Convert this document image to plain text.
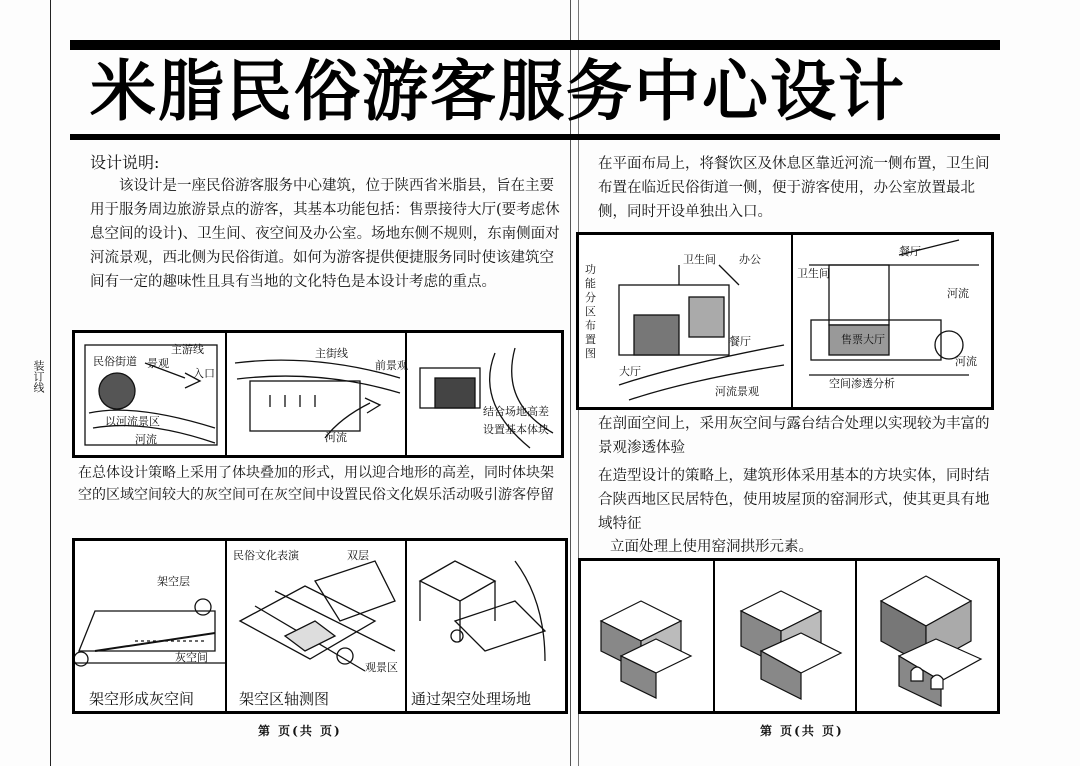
装订线
米脂民俗游客服务中心设计

设计说明:

该设计是一座民俗游客服务中心建筑，位于陕西省米脂县，旨在主要用于服务周边旅游景点的游客，其基本功能包括：售票接待大厅(要考虑休息空间的设计)、卫生间、夜空间及办公室。场地东侧不规则，东南侧面对河流景观，西北侧为民俗街道。如何为游客提供便捷服务同时使该建筑空间有一定的趣味性且具有当地的文化特色是本设计考虑的重点。

民俗街道
主游线
景观
入口
以河流景区
河流
主街线
前景观
河流
结合场地高差
设置基本体块
在总体设计策略上采用了体块叠加的形式，用以迎合地形的高差，同时体块架空的区域空间较大的灰空间可在灰空间中设置民俗文化娱乐活动吸引游客停留
架空层
灰空间
民俗文化表演	双层
观景区
架空形成灰空间	架空区轴测图	通过架空处理场地
第 页(共 页)
在平面布局上，将餐饮区及休息区靠近河流一侧布置，卫生间布置在临近民俗街道一侧，便于游客使用，办公室放置最北侧，同时开设单独出入口。
功能分区布置图
卫生间 办公
餐厅
大厅
河流景观
卫生间
餐厅
售票大厅
空间渗透分析
河流
河流
在剖面空间上，采用灰空间与露台结合处理以实现较为丰富的景观渗透体验
在造型设计的策略上，建筑形体采用基本的方块实体，同时结合陕西地区民居特色，使用坡屋顶的窑洞形式，使其更具有地域特征
立面处理上使用窑洞拱形元素。
第 页(共 页)
